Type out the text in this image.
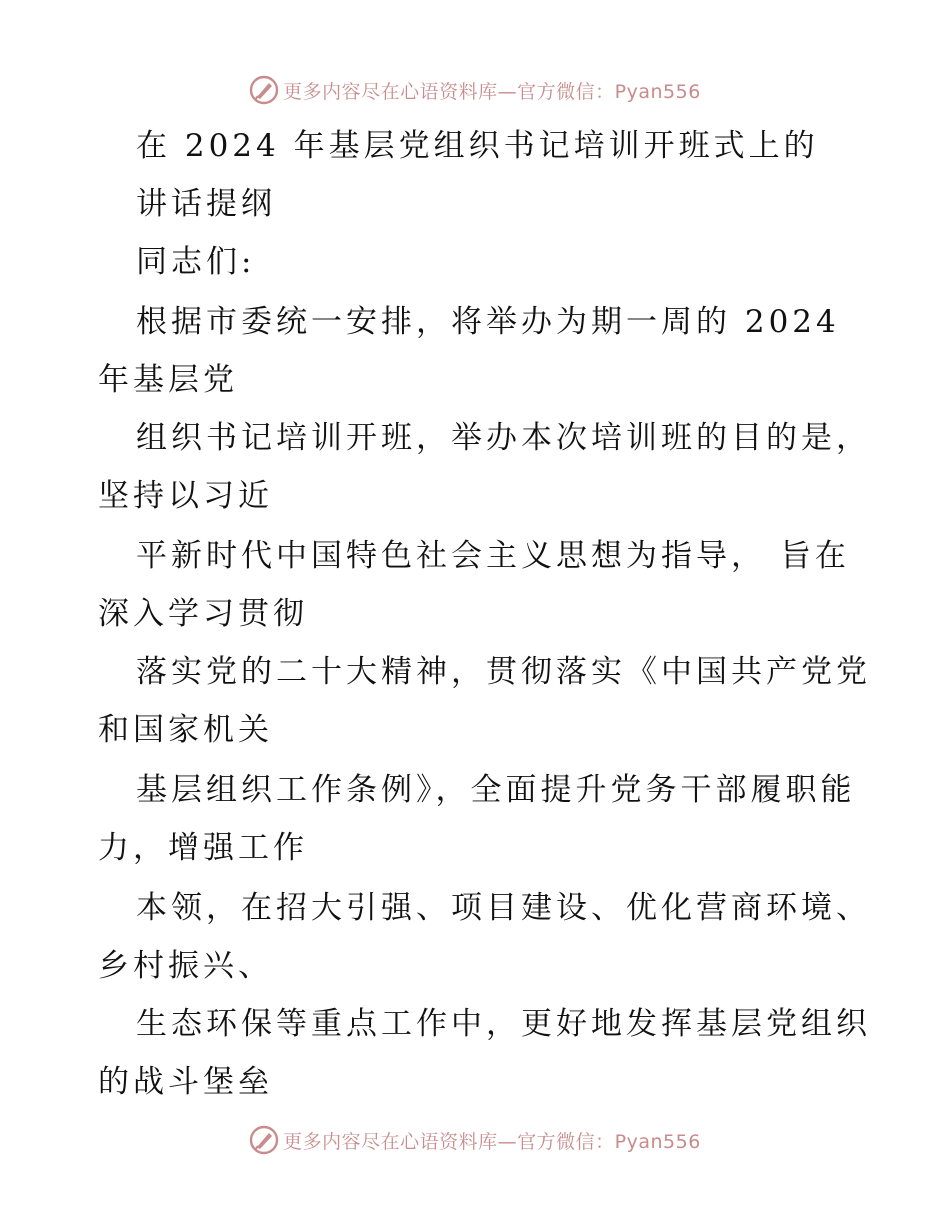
更多内容尽在心语资料库—官方微信：Pyan556
在 2024 年基层党组织书记培训开班式上的
讲话提纲
同志们:
根据市委统一安排，将举办为期一周的 2024
年基层党
组织书记培训开班，举办本次培训班的目的是，
坚持以习近
平新时代中国特色社会主义思想为指导， 旨在
深入学习贯彻
落实党的二十大精神，贯彻落实《中国共产党党
和国家机关
基层组织工作条例》，全面提升党务干部履职能
力，增强工作
本领，在招大引强、项目建设、优化营商环境、
乡村振兴、
生态环保等重点工作中，更好地发挥基层党组织
的战斗堡垒
更多内容尽在心语资料库—官方微信：Pyan556
